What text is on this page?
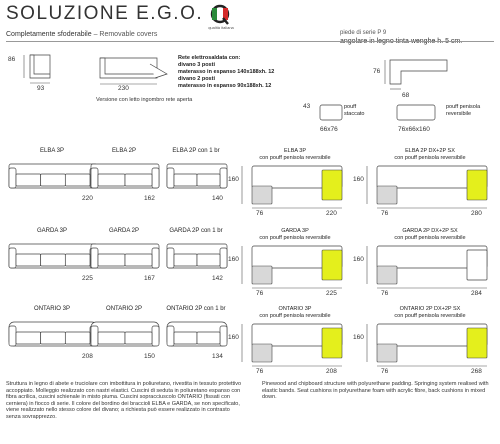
SOLUZIONE E.G.O.
qualità italiana
Completamente sfoderabile – Removable covers	piede di serie P 9
86
93	230
Versione con letto ingombro rete aperta
Rete elettrosaldata con:
divano 3 posti
materasso in espanso 140x188xh. 12
divano 2 posti
materasso in espanso 90x188xh. 12
76
68
43	pouff staccato
66x76
pouff penisola reversibile
76x66x160
ELBA 3P
220
ELBA 2P
162
ELBA 2P con 1 br
140
ELBA 3P
con pouff penisola reversibile
160
76	220
ELBA 2P DX+2P SX
con pouff penisola reversibile
160
76	280
GARDA 3P
225
GARDA 2P
167
GARDA 2P con 1 br
142
GARDA 3P
con pouff penisola reversibile
160
76	225
GARDA 2P DX+2P SX
con pouff penisola reversibile
160
76	284
ONTARIO 3P
208
ONTARIO 2P
150
ONTARIO 2P con 1 br
134
ONTARIO 3P
con pouff penisola reversibile
160
76	208
ONTARIO 2P DX+2P SX
con pouff penisola reversibile
160
76	268
Struttura in legno di abete e truciolare con imbottitura in poliuretano, rivestita in tessuto protettivo accoppiato. Molleggio realizzato con nastri elastici. Cuscini di seduta in poliuretano espanso con fibra acrilica, cuscini schienale in misto piuma. Cuscini sopracciuscolo ONTARIO (fissati con cerniera) in fiocco di serie. Il colore del bordino dei braccioli ELBA e GARDA, se non specificato, viene realizzato nello stesso colore del divano; a richiesta può essere realizzato in contrasto senza sovrapprezzo.
Pinewood and chipboard structure with polyurethane padding. Springing system realised with elastic bands. Seat cushions in polyurethane foam with acrylic fibre, back cushions in mixed down.
